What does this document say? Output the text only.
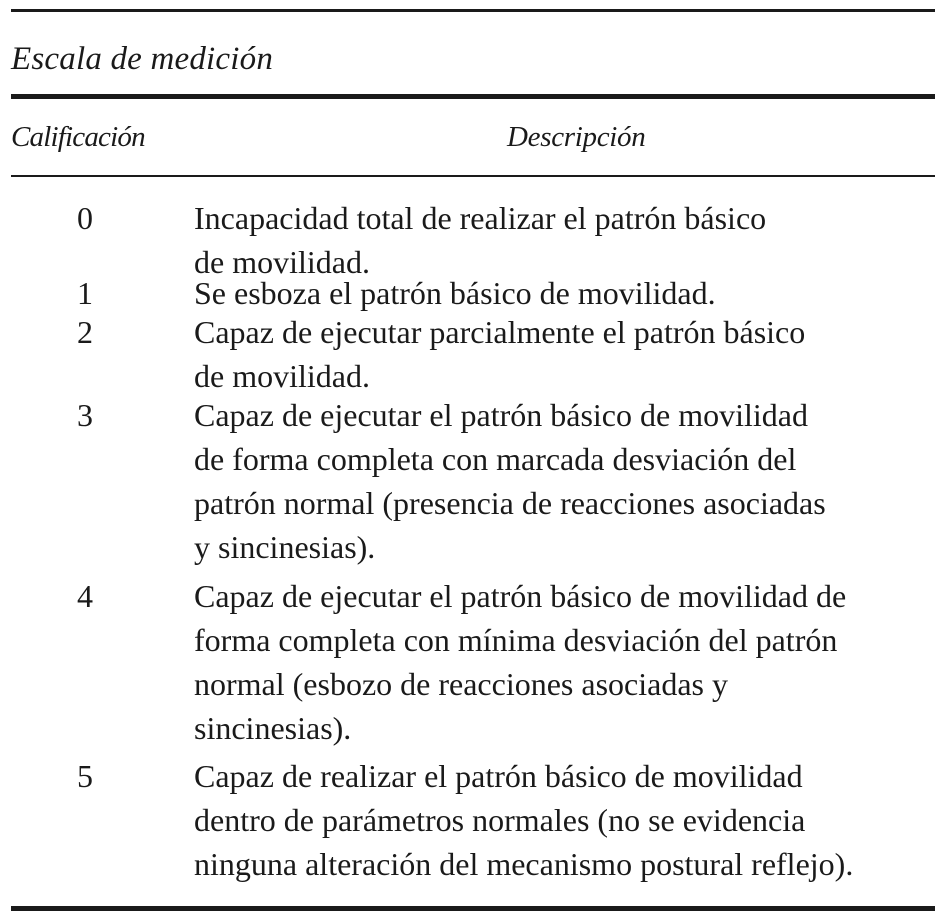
Escala de medición
Calificación	Descripción
0	Incapacidad total de realizar el patrón básico
de movilidad.
1	Se esboza el patrón básico de movilidad.
2	Capaz de ejecutar parcialmente el patrón básico
de movilidad.
3	Capaz de ejecutar el patrón básico de movilidad
de forma completa con marcada desviación del
patrón normal (presencia de reacciones asociadas
y sincinesias).
4	Capaz de ejecutar el patrón básico de movilidad de
forma completa con mínima desviación del patrón
normal (esbozo de reacciones asociadas y
sincinesias).
5	Capaz de realizar el patrón básico de movilidad
dentro de parámetros normales (no se evidencia
ninguna alteración del mecanismo postural reflejo).
